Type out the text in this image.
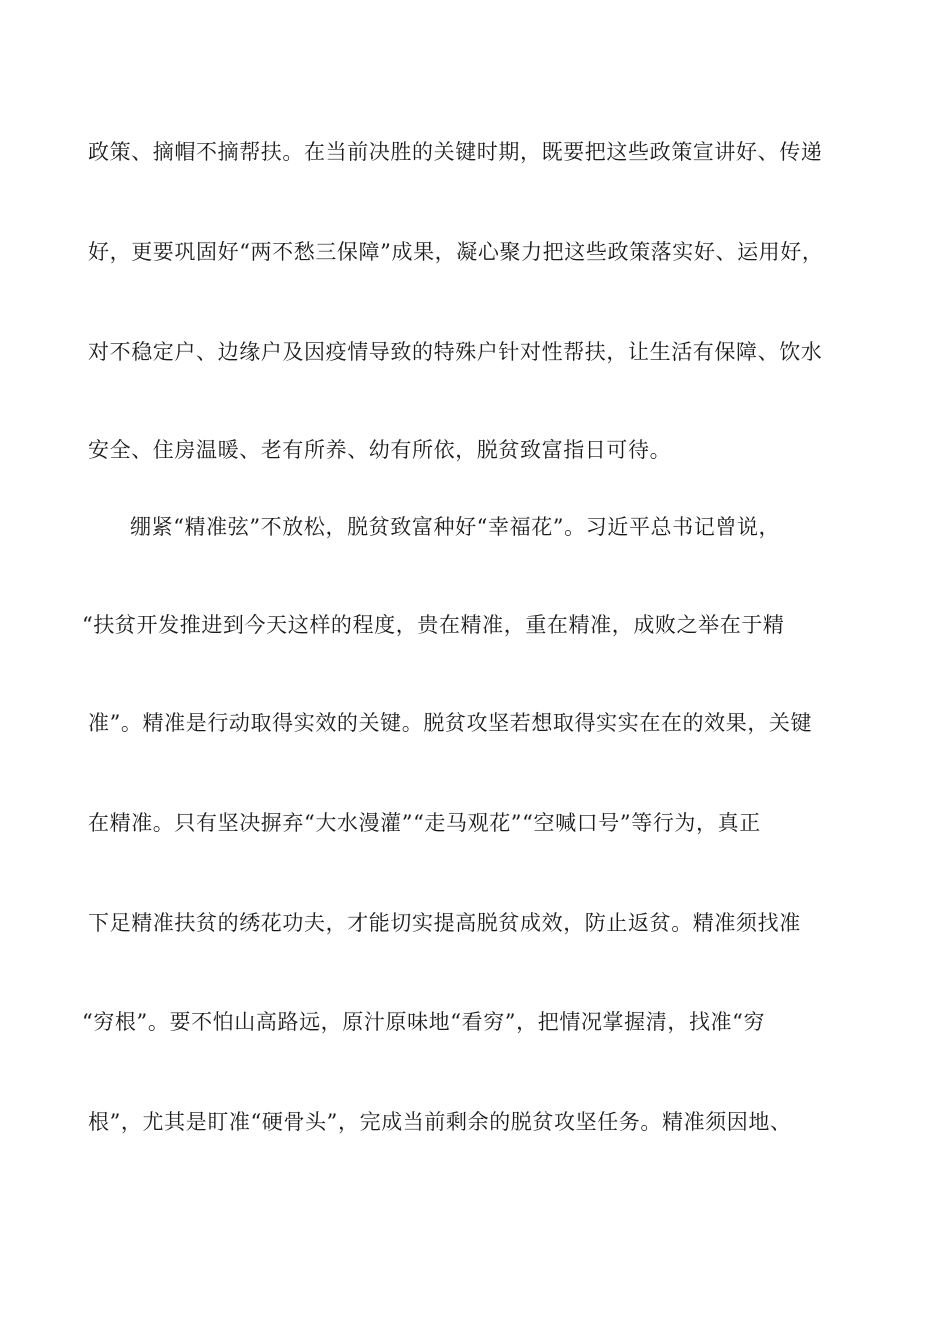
政策、摘帽不摘帮扶。在当前决胜的关键时期，既要把这些政策宣讲好、传递
好，更要巩固好“两不愁三保障”成果，凝心聚力把这些政策落实好、运用好，
对不稳定户、边缘户及因疫情导致的特殊户针对性帮扶，让生活有保障、饮水
安全、住房温暖、老有所养、幼有所依，脱贫致富指日可待。
绷紧“精准弦”不放松，脱贫致富种好“幸福花”。习近平总书记曾说，
“扶贫开发推进到今天这样的程度，贵在精准，重在精准，成败之举在于精
准”。精准是行动取得实效的关键。脱贫攻坚若想取得实实在在的效果，关键
在精准。只有坚决摒弃“大水漫灌”“走马观花”“空喊口号”等行为，真正
下足精准扶贫的绣花功夫，才能切实提高脱贫成效，防止返贫。精准须找准
“穷根”。要不怕山高路远，原汁原味地“看穷”，把情况掌握清，找准“穷
根”，尤其是盯准“硬骨头”，完成当前剩余的脱贫攻坚任务。精准须因地、
